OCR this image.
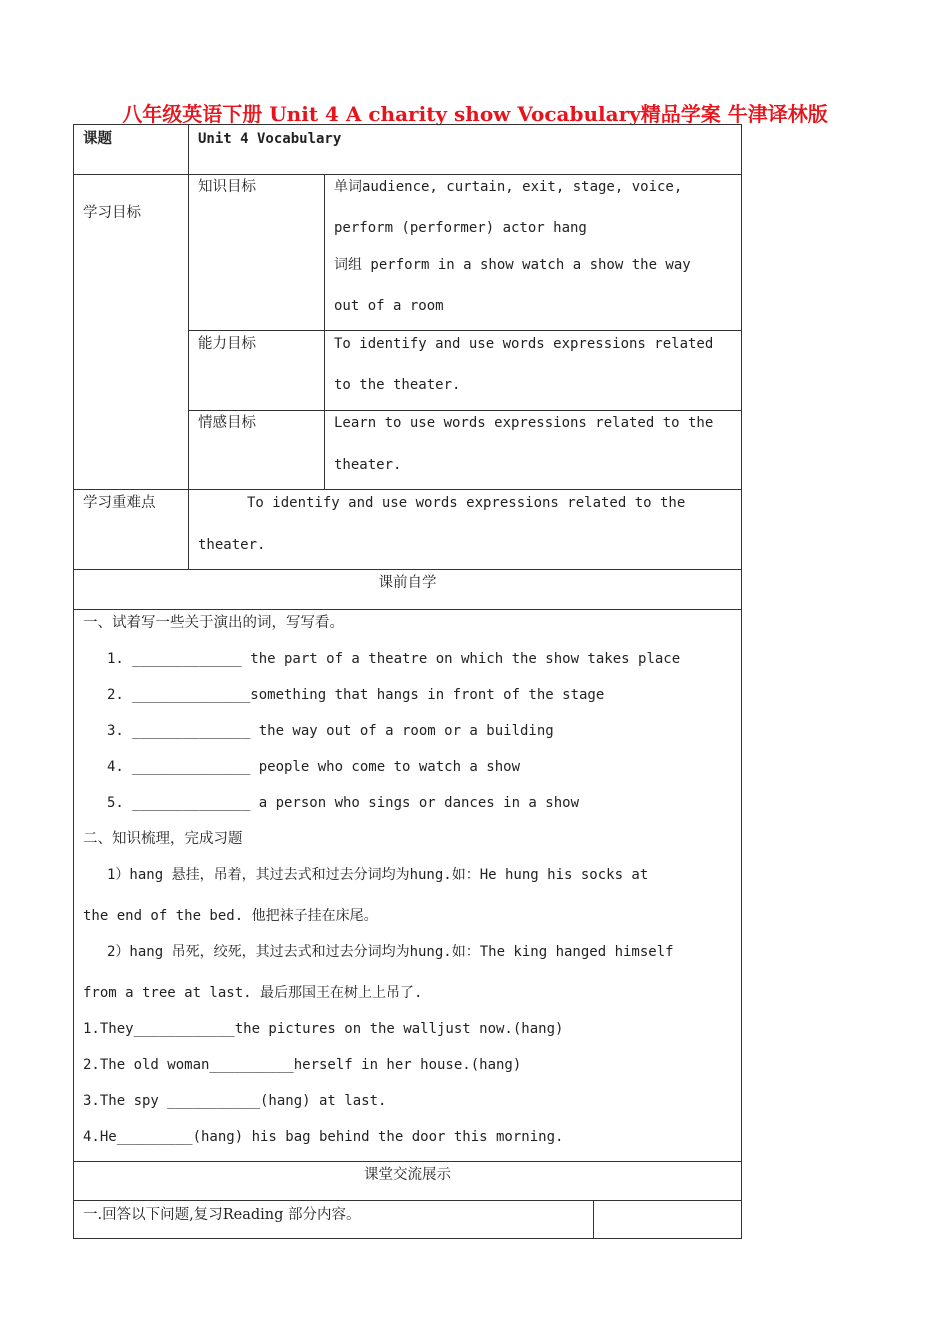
八年级英语下册 Unit 4 A charity show Vocabulary精品学案 牛津译林版
课题	Unit 4 Vocabulary
学习目标
知识目标	单词audience, curtain, exit, stage, voice,
perform (performer) actor hang
词组 perform in a show watch a show the way
out of a room
能力目标	To identify and use words expressions related
to the theater.
情感目标	Learn to use words expressions related to the
theater.
学习重难点	To identify and use words expressions related to the
theater.
课前自学
一、试着写一些关于演出的词，写写看。
1. _____________ the part of a theatre on which the show takes place
2. ______________something that hangs in front of the stage
3. ______________ the way out of a room or a building
4. ______________ people who come to watch a show
5. ______________ a person who sings or dances in a show
二、知识梳理，完成习题
1）hang 悬挂，吊着，其过去式和过去分词均为hung.如：He hung his socks at
the end of the bed. 他把袜子挂在床尾。
2）hang 吊死，绞死，其过去式和过去分词均为hung.如：The king hanged himself
from a tree at last. 最后那国王在树上上吊了.
1.They____________the pictures on the walljust now.(hang)
2.The old woman__________herself in her house.(hang)
3.The spy ___________(hang) at last.
4.He_________(hang) his bag behind the door this morning.
课堂交流展示
一.回答以下问题,复习Reading 部分内容。
